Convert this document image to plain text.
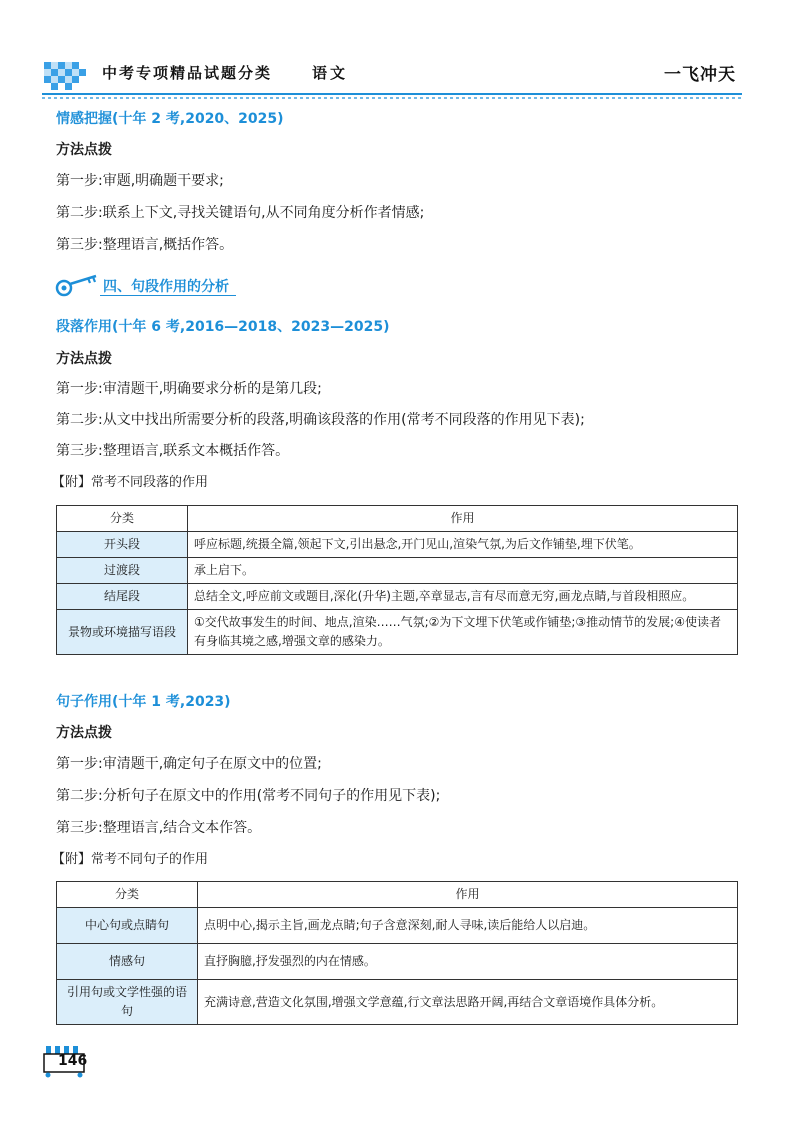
中考专项精品试题分类	语文	一飞冲天
情感把握(十年 2 考,2020、2025)
方法点拨
第一步:审题,明确题干要求;
第二步:联系上下文,寻找关键语句,从不同角度分析作者情感;
第三步:整理语言,概括作答。
四、句段作用的分析
段落作用(十年 6 考,2016—2018、2023—2025)
方法点拨
第一步:审清题干,明确要求分析的是第几段;
第二步:从文中找出所需要分析的段落,明确该段落的作用(常考不同段落的作用见下表);
第三步:整理语言,联系文本概括作答。
【附】常考不同段落的作用
分类	作用
开头段	呼应标题,统摄全篇,领起下文,引出悬念,开门见山,渲染气氛,为后文作铺垫,埋下伏笔。
过渡段	承上启下。
结尾段	总结全文,呼应前文或题目,深化(升华)主题,卒章显志,言有尽而意无穷,画龙点睛,与首段相照应。
景物或环境描写语段	①交代故事发生的时间、地点,渲染……气氛;②为下文埋下伏笔或作铺垫;③推动情节的发展;④使读者有身临其境之感,增强文章的感染力。
句子作用(十年 1 考,2023)
方法点拨
第一步:审清题干,确定句子在原文中的位置;
第二步:分析句子在原文中的作用(常考不同句子的作用见下表);
第三步:整理语言,结合文本作答。
【附】常考不同句子的作用
分类	作用
中心句或点睛句	点明中心,揭示主旨,画龙点睛;句子含意深刻,耐人寻味,读后能给人以启迪。
情感句	直抒胸臆,抒发强烈的内在情感。
引用句或文学性强的语句	充满诗意,营造文化氛围,增强文学意蕴,行文章法思路开阔,再结合文章语境作具体分析。
146
